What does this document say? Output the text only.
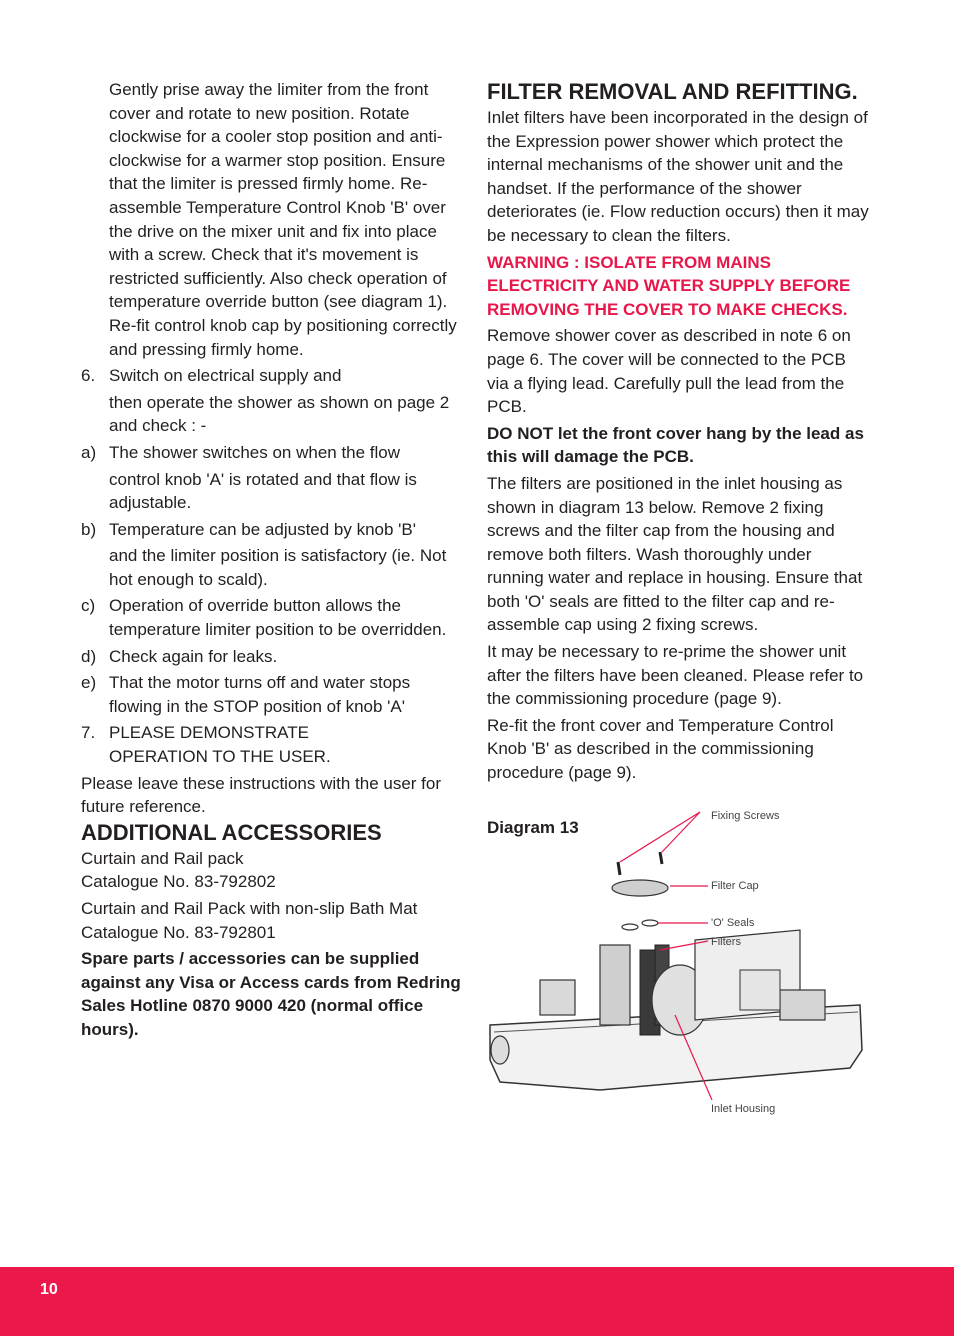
Gently prise away the limiter from the front cover and rotate to new position. Rotate clockwise for a cooler stop position and anti-clockwise for a warmer stop position. Ensure that the limiter is pressed firmly home. Re-assemble Temperature Control Knob 'B' over the drive on the mixer unit and fix into place with a screw. Check that it's movement is restricted sufficiently. Also check operation of temperature override button (see diagram 1). Re-fit control knob cap by positioning correctly and pressing firmly home.

6. Switch on electrical supply and

then operate the shower as shown on page 2 and check : -

a) The shower switches on when the flow

control knob 'A' is rotated and that flow is adjustable.

b) Temperature can be adjusted by knob 'B'

and the limiter position is satisfactory (ie. Not hot enough to scald).

c) Operation of override button allows the temperature limiter position to be overridden.
d) Check again for leaks.
e) That the motor turns off and water stops flowing in the STOP position of knob 'A'
7. PLEASE DEMONSTRATE
OPERATION TO THE USER.

Please leave these instructions with the user for future reference.

ADDITIONAL ACCESSORIES

Curtain and Rail pack
Catalogue No. 83-792802

Curtain and Rail Pack with non-slip Bath Mat
Catalogue No. 83-792801

Spare parts / accessories can be supplied against any Visa or Access cards from Redring Sales Hotline 0870 9000 420 (normal office hours).

FILTER REMOVAL AND REFITTING.

Inlet filters have been incorporated in the design of the Expression power shower which protect the internal mechanisms of the shower unit and the handset. If the performance of the shower deteriorates (ie. Flow reduction occurs) then it may be necessary to clean the filters.

WARNING : ISOLATE FROM MAINS ELECTRICITY AND WATER SUPPLY BEFORE REMOVING THE COVER TO MAKE CHECKS.

Remove shower cover as described in note 6 on page 6. The cover will be connected to the PCB via a flying lead. Carefully pull the lead from the PCB.

DO NOT let the front cover hang by the lead as this will damage the PCB.

The filters are positioned in the inlet housing as shown in diagram 13 below. Remove 2 fixing screws and the filter cap from the housing and remove both filters. Wash thoroughly under running water and replace in housing. Ensure that both 'O' seals are fitted to the filter cap and re-assemble cap using 2 fixing screws.

It may be necessary to re-prime the shower unit after the filters have been cleaned. Please refer to the commissioning procedure (page 9).

Re-fit the front cover and Temperature Control Knob 'B' as described in the commissioning procedure (page 9).

Diagram 13
Fixing Screws
Filter Cap
'O' Seals
Filters
Inlet Housing
10
